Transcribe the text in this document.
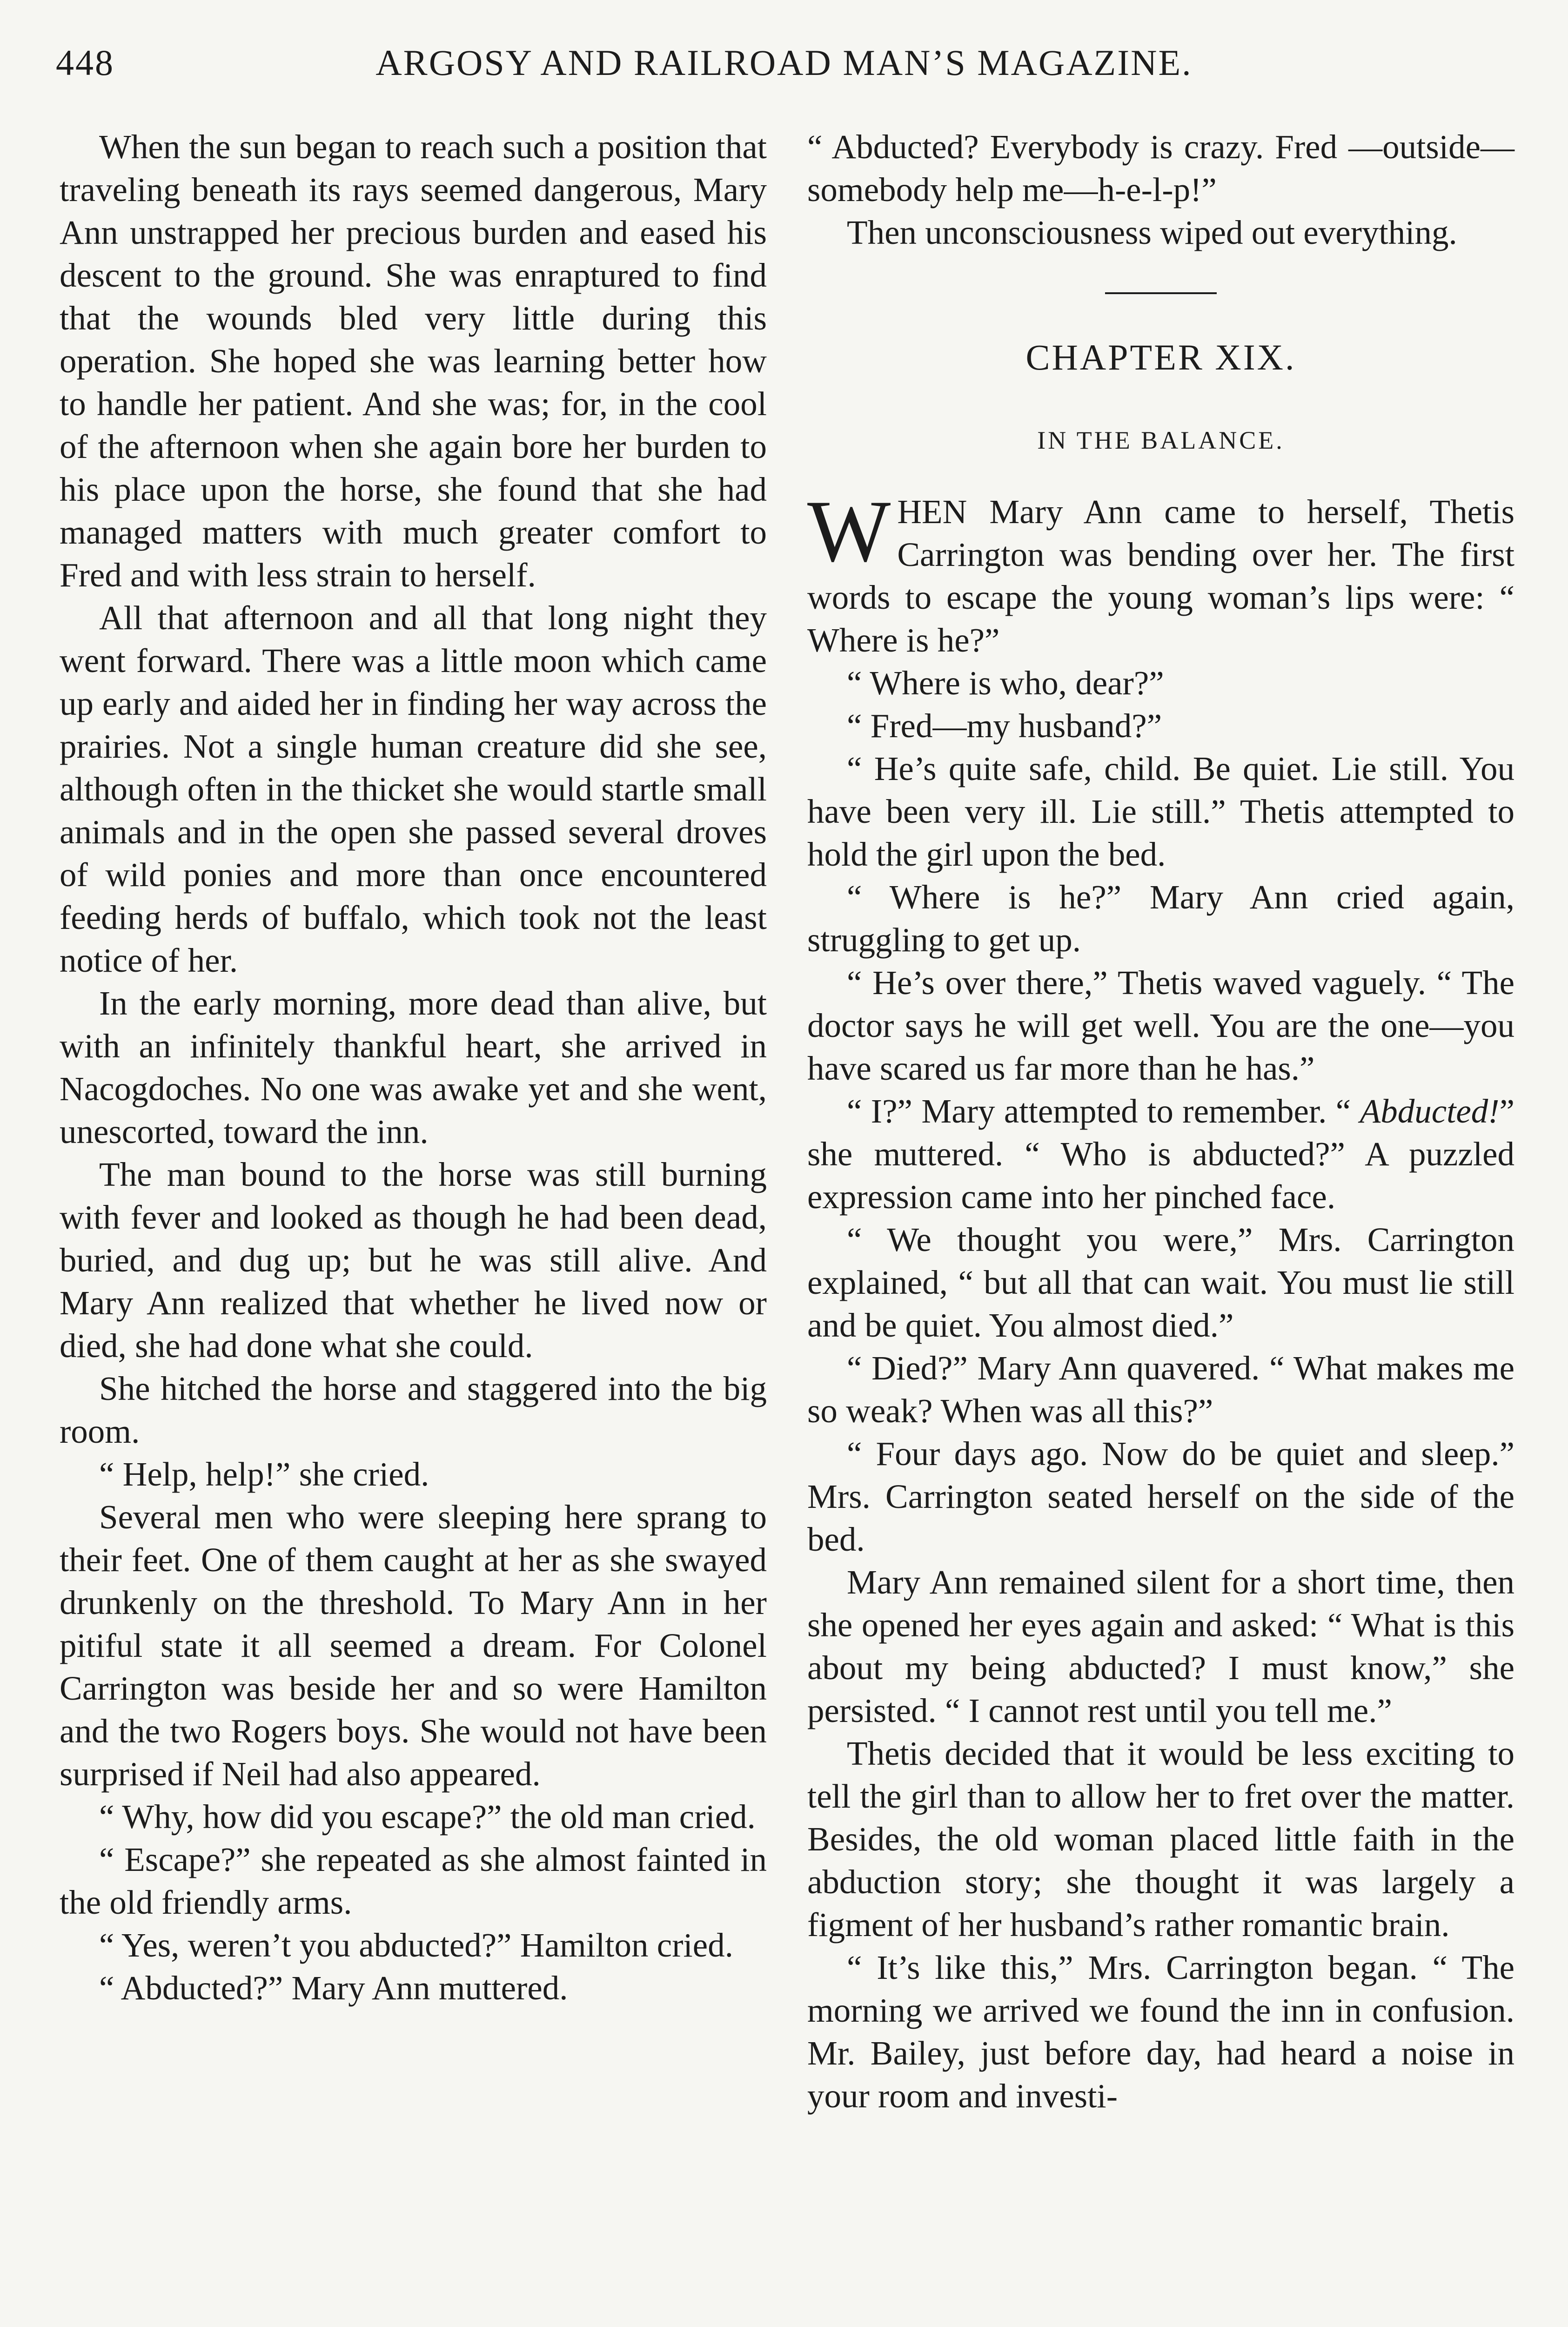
448	ARGOSY AND RAILROAD MAN’S MAGAZINE.

When the sun began to reach such a position that traveling beneath its rays seemed dangerous, Mary Ann unstrapped her precious burden and eased his descent to the ground. She was enraptured to find that the wounds bled very little during this operation. She hoped she was learning better how to handle her patient. And she was; for, in the cool of the afternoon when she again bore her burden to his place upon the horse, she found that she had managed matters with much greater comfort to Fred and with less strain to herself.

All that afternoon and all that long night they went forward. There was a little moon which came up early and aided her in finding her way across the prairies. Not a single human creature did she see, although often in the thicket she would startle small animals and in the open she passed several droves of wild ponies and more than once encountered feeding herds of buffalo, which took not the least notice of her.

In the early morning, more dead than alive, but with an infinitely thankful heart, she arrived in Nacogdoches. No one was awake yet and she went, unescorted, toward the inn.

The man bound to the horse was still burning with fever and looked as though he had been dead, buried, and dug up; but he was still alive. And Mary Ann realized that whether he lived now or died, she had done what she could.

She hitched the horse and staggered into the big room.

“ Help, help!” she cried.

Several men who were sleeping here sprang to their feet. One of them caught at her as she swayed drunkenly on the threshold. To Mary Ann in her pitiful state it all seemed a dream. For Colonel Carrington was beside her and so were Hamilton and the two Rogers boys. She would not have been surprised if Neil had also appeared.

“ Why, how did you escape?” the old man cried.

“ Escape?” she repeated as she almost fainted in the old friendly arms.

“ Yes, weren’t you abducted?” Hamilton cried.

“ Abducted?” Mary Ann muttered.

“ Abducted? Everybody is crazy. Fred —outside—somebody help me—h-e-l-p!”

Then unconsciousness wiped out everything.

CHAPTER XIX.
IN THE BALANCE.

WHEN Mary Ann came to herself, Thetis Carrington was bending over her. The first words to escape the young woman’s lips were: “ Where is he?”

“ Where is who, dear?”

“ Fred—my husband?”

“ He’s quite safe, child. Be quiet. Lie still. You have been very ill. Lie still.” Thetis attempted to hold the girl upon the bed.

“ Where is he?” Mary Ann cried again, struggling to get up.

“ He’s over there,” Thetis waved vaguely. “ The doctor says he will get well. You are the one—you have scared us far more than he has.”

“ I?” Mary attempted to remember. “ Abducted!” she muttered. “ Who is abducted?” A puzzled expression came into her pinched face.

“ We thought you were,” Mrs. Carrington explained, “ but all that can wait. You must lie still and be quiet. You almost died.”

“ Died?” Mary Ann quavered. “ What makes me so weak? When was all this?”

“ Four days ago. Now do be quiet and sleep.” Mrs. Carrington seated herself on the side of the bed.

Mary Ann remained silent for a short time, then she opened her eyes again and asked: “ What is this about my being abducted? I must know,” she persisted. “ I cannot rest until you tell me.”

Thetis decided that it would be less exciting to tell the girl than to allow her to fret over the matter. Besides, the old woman placed little faith in the abduction story; she thought it was largely a figment of her husband’s rather romantic brain.

“ It’s like this,” Mrs. Carrington began. “ The morning we arrived we found the inn in confusion. Mr. Bailey, just before day, had heard a noise in your room and investi-
